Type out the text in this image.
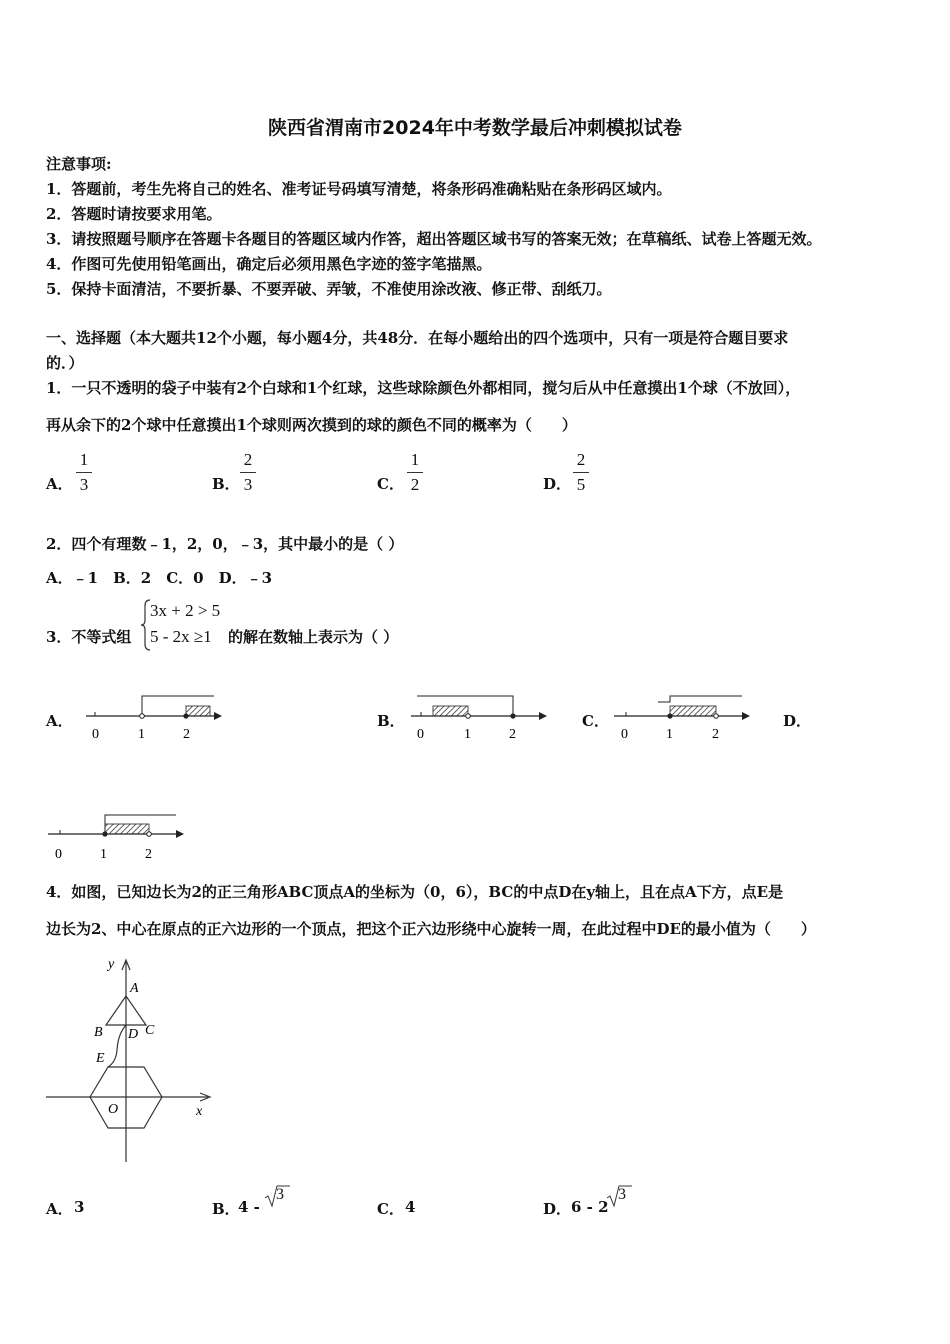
陕西省渭南市2024年中考数学最后冲刺模拟试卷
注意事项:
1．答题前，考生先将自己的姓名、准考证号码填写清楚，将条形码准确粘贴在条形码区域内。
2．答题时请按要求用笔。
3．请按照题号顺序在答题卡各题目的答题区域内作答，超出答题区域书写的答案无效；在草稿纸、试卷上答题无效。
4．作图可先使用铅笔画出，确定后必须用黑色字迹的签字笔描黑。
5．保持卡面清洁，不要折暴、不要弄破、弄皱，不准使用涂改液、修正带、刮纸刀。
一、选择题（本大题共12个小题，每小题4分，共48分．在每小题给出的四个选项中，只有一项是符合题目要求
的．）
1．一只不透明的袋子中装有2个白球和1个红球，这些球除颜色外都相同，搅匀后从中任意摸出1个球（不放回），
再从余下的2个球中任意摸出1个球则两次摸到的球的颜色不同的概率为（　　）
A．
1
3	B．
2
3	C．
1
2	D．
2
5
2．四个有理数﹣1，2，0，﹣3，其中最小的是（ ）
A．﹣1　B．2　C．0　D．﹣3
3．不等式组
3x + 2 > 5
5 - 2x ≥1 的解在数轴上表示为（ ）
A．
0	1	2
B．
0	1	2
C．
0	1	2
D．
0	1	2
4．如图，已知边长为2的正三角形ABC顶点A的坐标为（0，6），BC的中点D在y轴上，且在点A下方，点E是
边长为2、中心在原点的正六边形的一个顶点，把这个正六边形绕中心旋转一周，在此过程中DE的最小值为（　　）
y
x
A
B	C
D
E
O
A． 3	B．
4 -
3
C． 4	D． 6 - 2
3
